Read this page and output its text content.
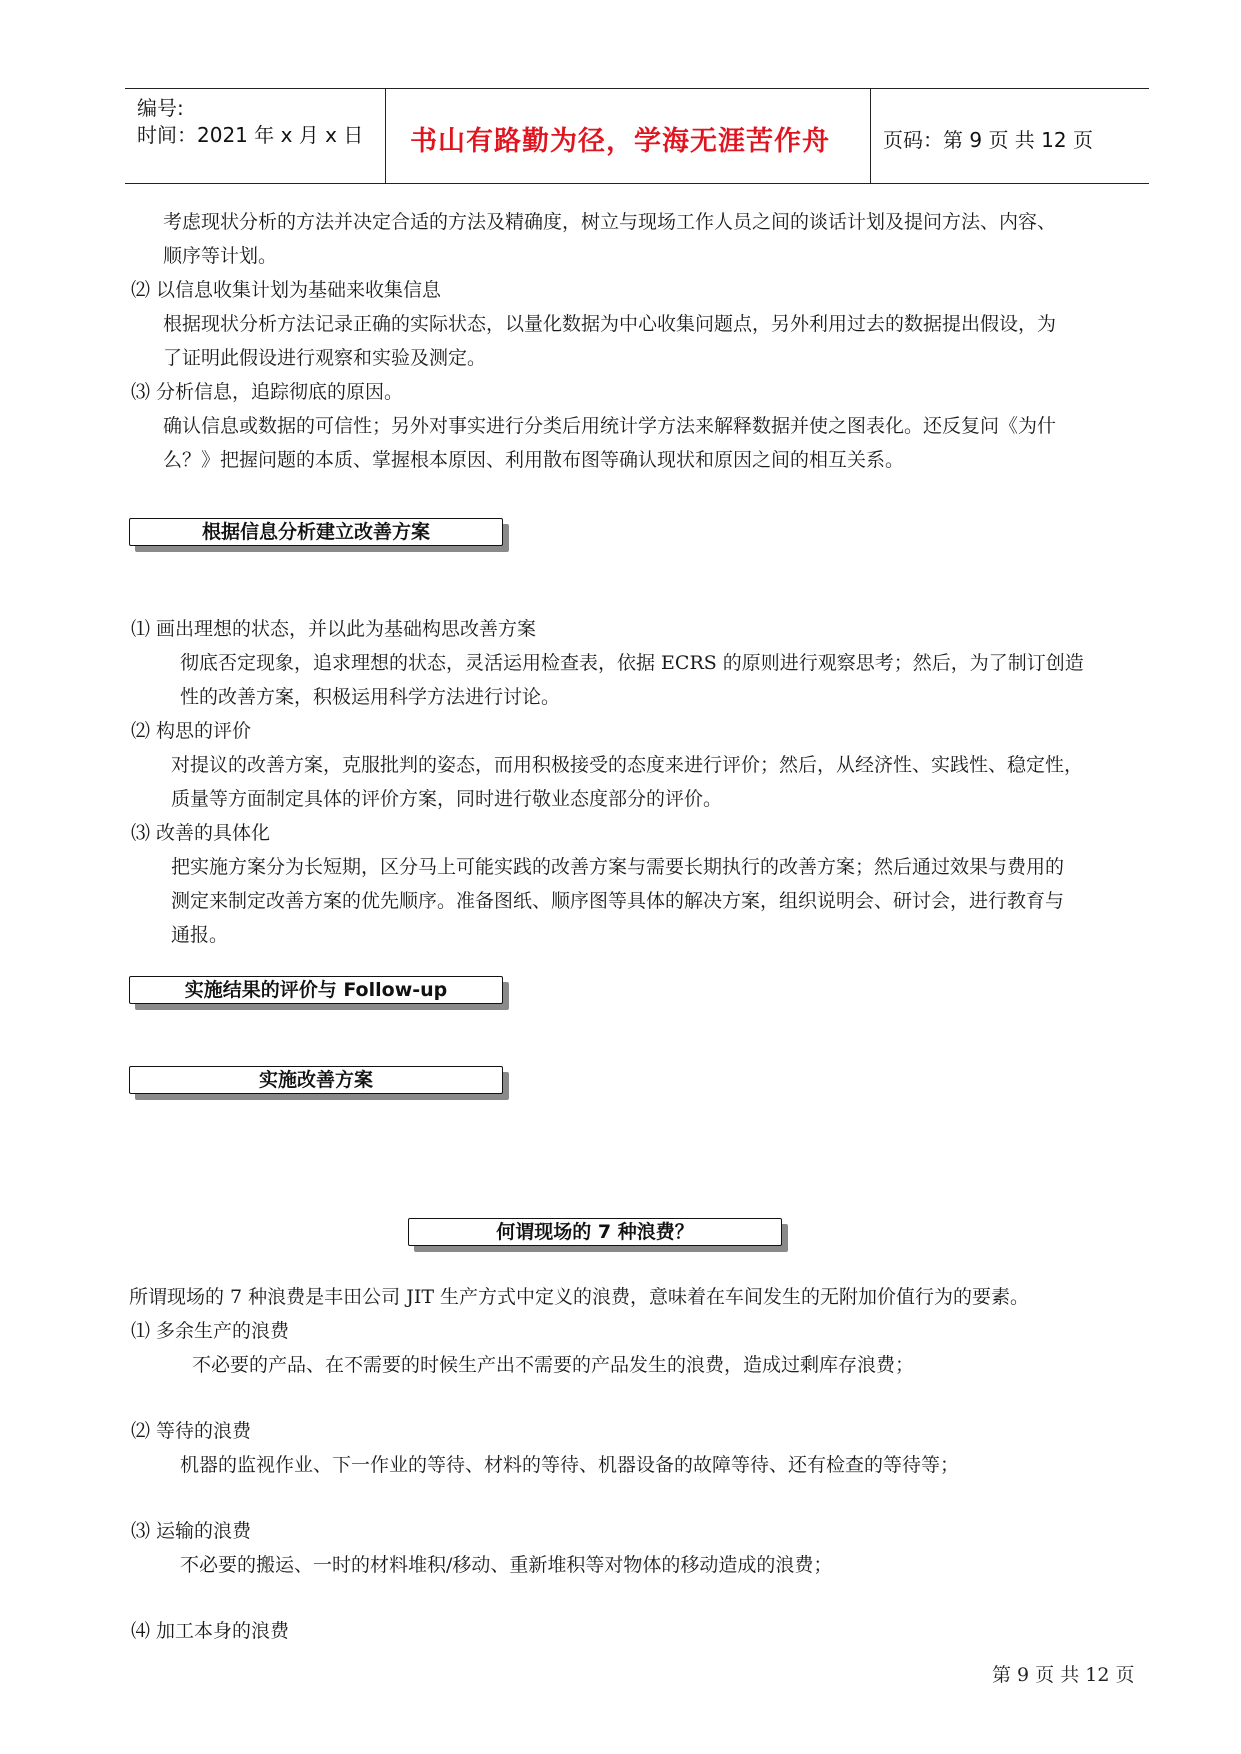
编号:
时间：2021 年 x 月 x 日 书山有路勤为径，学海无涯苦作舟	页码：第 9 页 共 12 页
考虑现状分析的方法并决定合适的方法及精确度，树立与现场工作人员之间的谈话计划及提问方法、内容、
顺序等计划。
⑵ 以信息收集计划为基础来收集信息
根据现状分析方法记录正确的实际状态，以量化数据为中心收集问题点，另外利用过去的数据提出假设，为
了证明此假设进行观察和实验及测定。
⑶ 分析信息，追踪彻底的原因。
确认信息或数据的可信性；另外对事实进行分类后用统计学方法来解释数据并使之图表化。还反复问《为什
么？》把握问题的本质、掌握根本原因、利用散布图等确认现状和原因之间的相互关系。
根据信息分析建立改善方案
⑴ 画出理想的状态，并以此为基础构思改善方案
彻底否定现象，追求理想的状态，灵活运用检查表，依据 ECRS 的原则进行观察思考；然后，为了制订创造
性的改善方案，积极运用科学方法进行讨论。
⑵ 构思的评价
对提议的改善方案，克服批判的姿态，而用积极接受的态度来进行评价；然后，从经济性、实践性、稳定性，
质量等方面制定具体的评价方案，同时进行敬业态度部分的评价。
⑶ 改善的具体化
把实施方案分为长短期，区分马上可能实践的改善方案与需要长期执行的改善方案；然后通过效果与费用的
测定来制定改善方案的优先顺序。准备图纸、顺序图等具体的解决方案，组织说明会、研讨会，进行教育与
通报。
实施结果的评价与 Follow-up
实施改善方案
何谓现场的 7 种浪费？
所谓现场的 7 种浪费是丰田公司 JIT 生产方式中定义的浪费，意味着在车间发生的无附加价值行为的要素。
⑴ 多余生产的浪费
不必要的产品、在不需要的时候生产出不需要的产品发生的浪费，造成过剩库存浪费；
⑵ 等待的浪费
机器的监视作业、下一作业的等待、材料的等待、机器设备的故障等待、还有检查的等待等；
⑶ 运输的浪费
不必要的搬运、一时的材料堆积/移动、重新堆积等对物体的移动造成的浪费；
⑷ 加工本身的浪费
第 9 页 共 12 页
